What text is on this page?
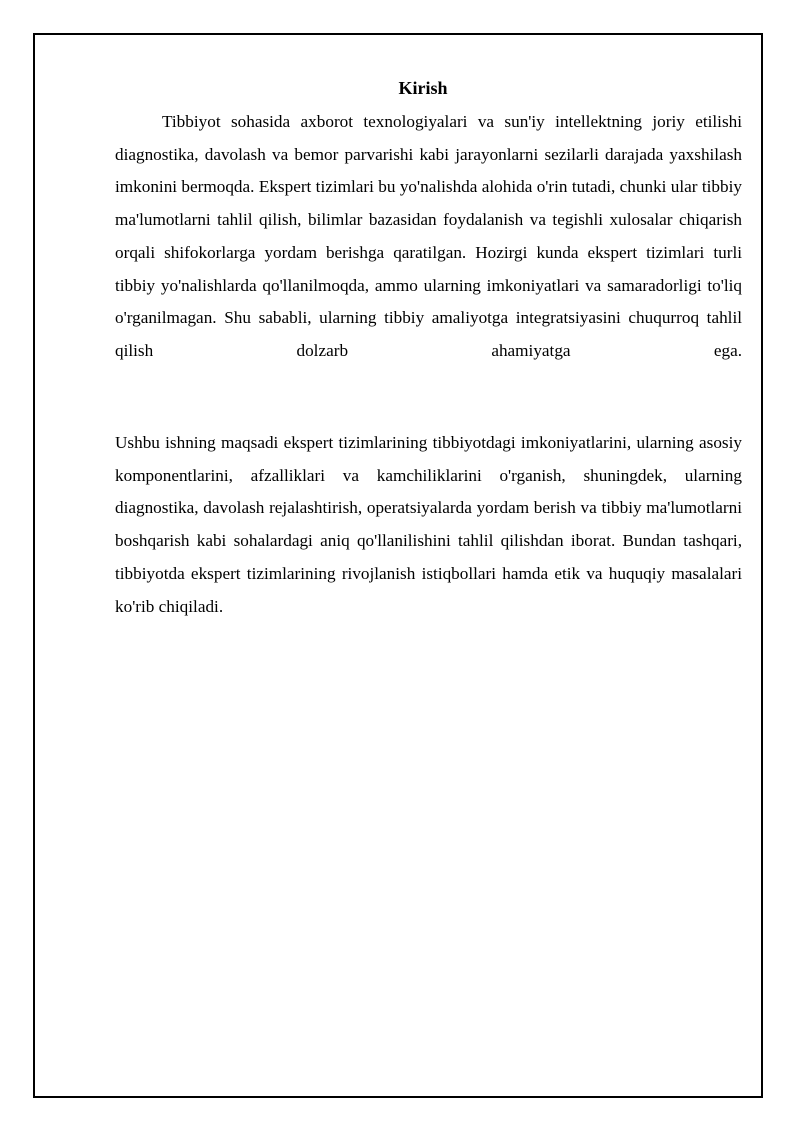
Kirish

Tibbiyot sohasida axborot texnologiyalari va sun'iy intellektning joriy etilishi diagnostika, davolash va bemor parvarishi kabi jarayonlarni sezilarli darajada yaxshilash imkonini bermoqda. Ekspert tizimlari bu yo'nalishda alohida o'rin tutadi, chunki ular tibbiy ma'lumotlarni tahlil qilish, bilimlar bazasidan foydalanish va tegishli xulosalar chiqarish orqali shifokorlarga yordam berishga qaratilgan. Hozirgi kunda ekspert tizimlari turli tibbiy yo'nalishlarda qo'llanilmoqda, ammo ularning imkoniyatlari va samaradorligi to'liq o'rganilmagan. Shu sababli, ularning tibbiy amaliyotga integratsiyasini chuqurroq tahlil qilish dolzarb ahamiyatga ega.

Ushbu ishning maqsadi ekspert tizimlarining tibbiyotdagi imkoniyatlarini, ularning asosiy komponentlarini, afzalliklari va kamchiliklarini o'rganish, shuningdek, ularning diagnostika, davolash rejalashtirish, operatsiyalarda yordam berish va tibbiy ma'lumotlarni boshqarish kabi sohalardagi aniq qo'llanilishini tahlil qilishdan iborat. Bundan tashqari, tibbiyotda ekspert tizimlarining rivojlanish istiqbollari hamda etik va huquqiy masalalari ko'rib chiqiladi.
